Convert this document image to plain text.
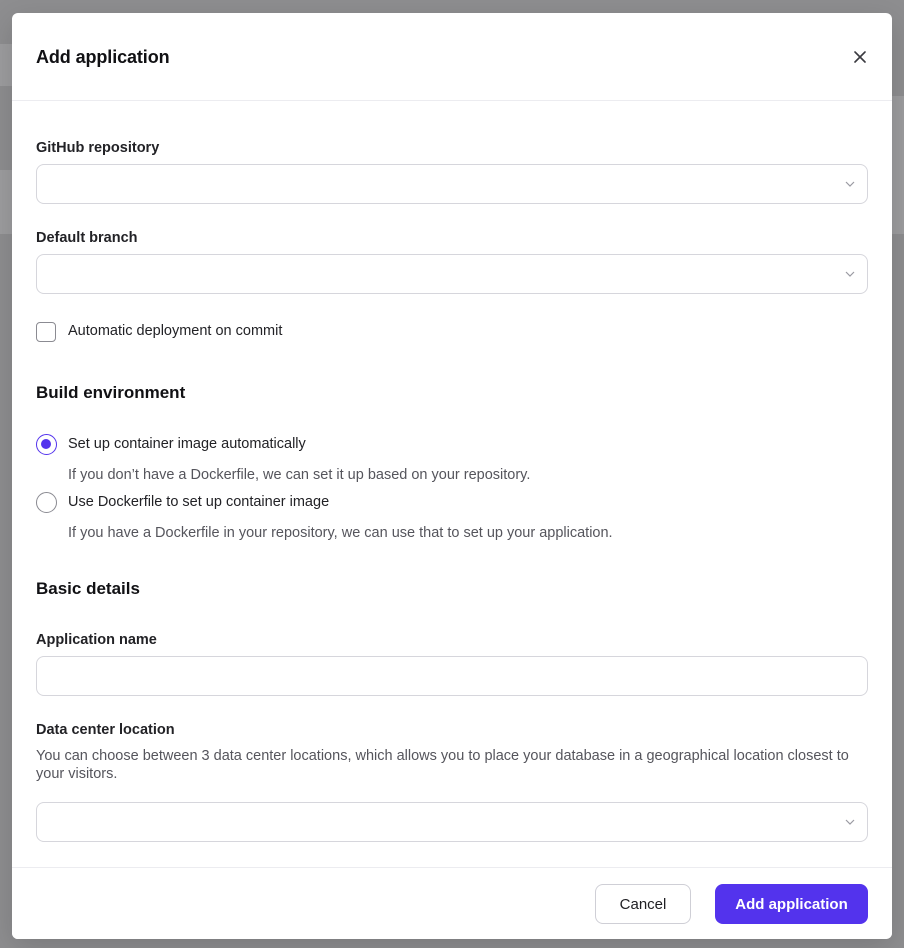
Add application
GitHub repository
Default branch
Automatic deployment on commit
Build environment
Set up container image automatically
If you don’t have a Dockerfile, we can set it up based on your repository.
Use Dockerfile to set up container image
If you have a Dockerfile in your repository, we can use that to set up your application.
Basic details
Application name
Data center location
You can choose between 3 data center locations, which allows you to place your database in a geographical location closest to your visitors.
Cancel	Add application
